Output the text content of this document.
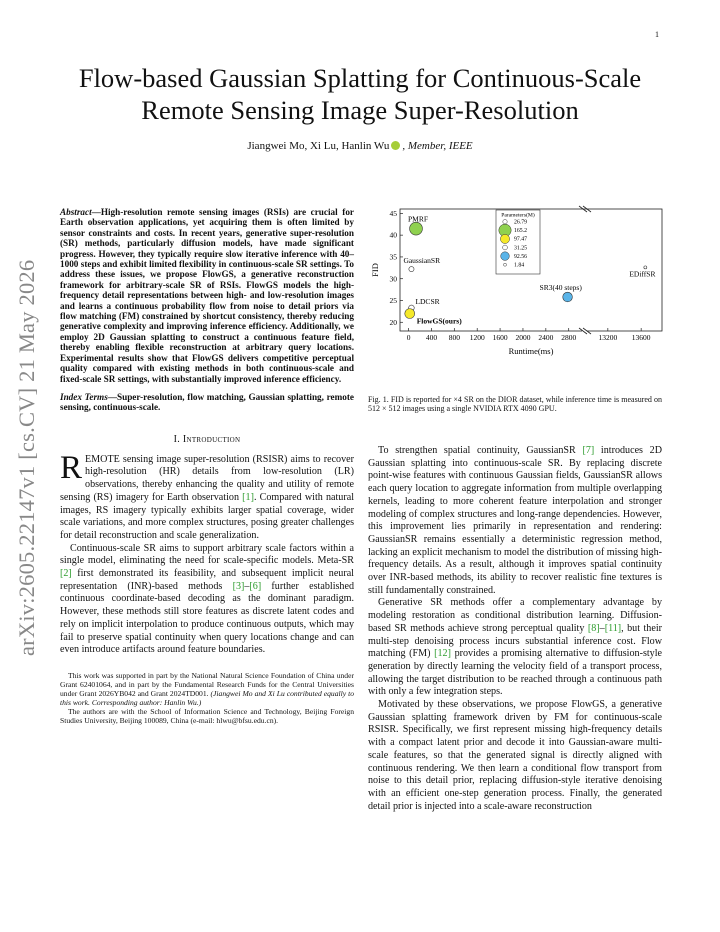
1
arXiv:2605.22147v1 [cs.CV] 21 May 2026
Flow-based Gaussian Splatting for Continuous-Scale
Remote Sensing Image Super-Resolution
Jiangwei Mo, Xi Lu, Hanlin Wu , Member, IEEE
Abstract—High-resolution remote sensing images (RSIs) are crucial for Earth observation applications, yet acquiring them is often limited by sensor constraints and costs. In recent years, generative super-resolution (SR) methods, particularly diffusion models, have made significant progress. However, they typically require slow iterative inference with 40–1000 steps and exhibit limited flexibility in continuous-scale SR settings. To address these issues, we propose FlowGS, a generative reconstruction framework for arbitrary-scale SR of RSIs. FlowGS models the high-frequency detail representations between high- and low-resolution images and learns a continuous probability flow from noise to detail priors via flow matching (FM) constrained by shortcut consistency, thereby reducing generative complexity and improving inference efficiency. Additionally, we employ 2D Gaussian splatting to construct a continuous feature field, thereby enabling flexible reconstruction at arbitrary query locations. Experimental results show that FlowGS delivers competitive perceptual quality compared with existing methods in both continuous-scale and fixed-scale SR settings, with substantially improved inference efficiency.
Index Terms—Super-resolution, flow matching, Gaussian splatting, remote sensing, continuous-scale.
I. Introduction

REMOTE sensing image super-resolution (RSISR) aims to recover high-resolution (HR) details from low-resolution (LR) observations, thereby enhancing the quality and utility of remote sensing (RS) imagery for Earth observation [1]. Compared with natural images, RS imagery typically exhibits larger spatial coverage, wider scale variations, and more complex structures, posing greater challenges for detail reconstruction and scale generalization.

Continuous-scale SR aims to support arbitrary scale factors within a single model, eliminating the need for scale-specific models. Meta-SR [2] first demonstrated its feasibility, and subsequent implicit neural representation (INR)-based methods [3]–[6] further established continuous coordinate-based decoding as the dominant paradigm. However, these methods still store features as discrete latent codes and rely on implicit interpolation to produce continuous outputs, which may fail to preserve spatial continuity when query locations change and can even introduce artifacts around feature boundaries.

This work was supported in part by the National Natural Science Foundation of China under Grant 62401064, and in part by the Fundamental Research Funds for the Central Universities under Grant 2026YB042 and Grant 2024TD001. (Jiangwei Mo and Xi Lu contributed equally to this work. Corresponding author: Hanlin Wu.)

The authors are with the School of Information Science and Technology, Beijing Foreign Studies University, Beijing 100089, China (e-mail: hlwu@bfsu.edu.cn).

20
25
30
35
40
45
0 400 800 1200 1600 2000 2400 2800	13200 13600
Runtime(ms)
FID
PMRF
GaussianSR
LDCSR
FlowGS(ours)
SR3(40 steps)
EDiffSR
Parameters(M)
26.79
165.2
97.47
31.25
92.56
1.84
Fig. 1. FID is reported for ×4 SR on the DIOR dataset, while inference time is measured on 512 × 512 images using a single NVIDIA RTX 4090 GPU.

To strengthen spatial continuity, GaussianSR [7] introduces 2D Gaussian splatting into continuous-scale SR. By replacing discrete point-wise features with continuous Gaussian fields, GaussianSR allows each query location to aggregate information from multiple overlapping kernels, leading to more coherent feature interpolation and stronger modeling of complex structures and long-range dependencies. However, this improvement lies primarily in representation and rendering: GaussianSR remains essentially a deterministic regression method, lacking an explicit mechanism to model the distribution of missing high-frequency details. As a result, although it improves spatial continuity over INR-based methods, its ability to recover realistic fine textures is still fundamentally constrained.

Generative SR methods offer a complementary advantage by modeling restoration as conditional distribution learning. Diffusion-based SR methods achieve strong perceptual quality [8]–[11], but their multi-step denoising process incurs substantial inference cost. Flow matching (FM) [12] provides a promising alternative to diffusion-style generation by directly learning the velocity field of a transport process, allowing the target distribution to be reached through a continuous path with only a few integration steps.

Motivated by these observations, we propose FlowGS, a generative Gaussian splatting framework driven by FM for continuous-scale RSISR. Specifically, we first represent missing high-frequency details with a compact latent prior and decode it into Gaussian-aware multi-scale features, so that the generated signal is directly aligned with continuous rendering. We then learn a conditional flow transport from noise to this detail prior, replacing diffusion-style iterative denoising with an efficient one-step generation process. Finally, the generated detail prior is injected into a scale-aware reconstruction
